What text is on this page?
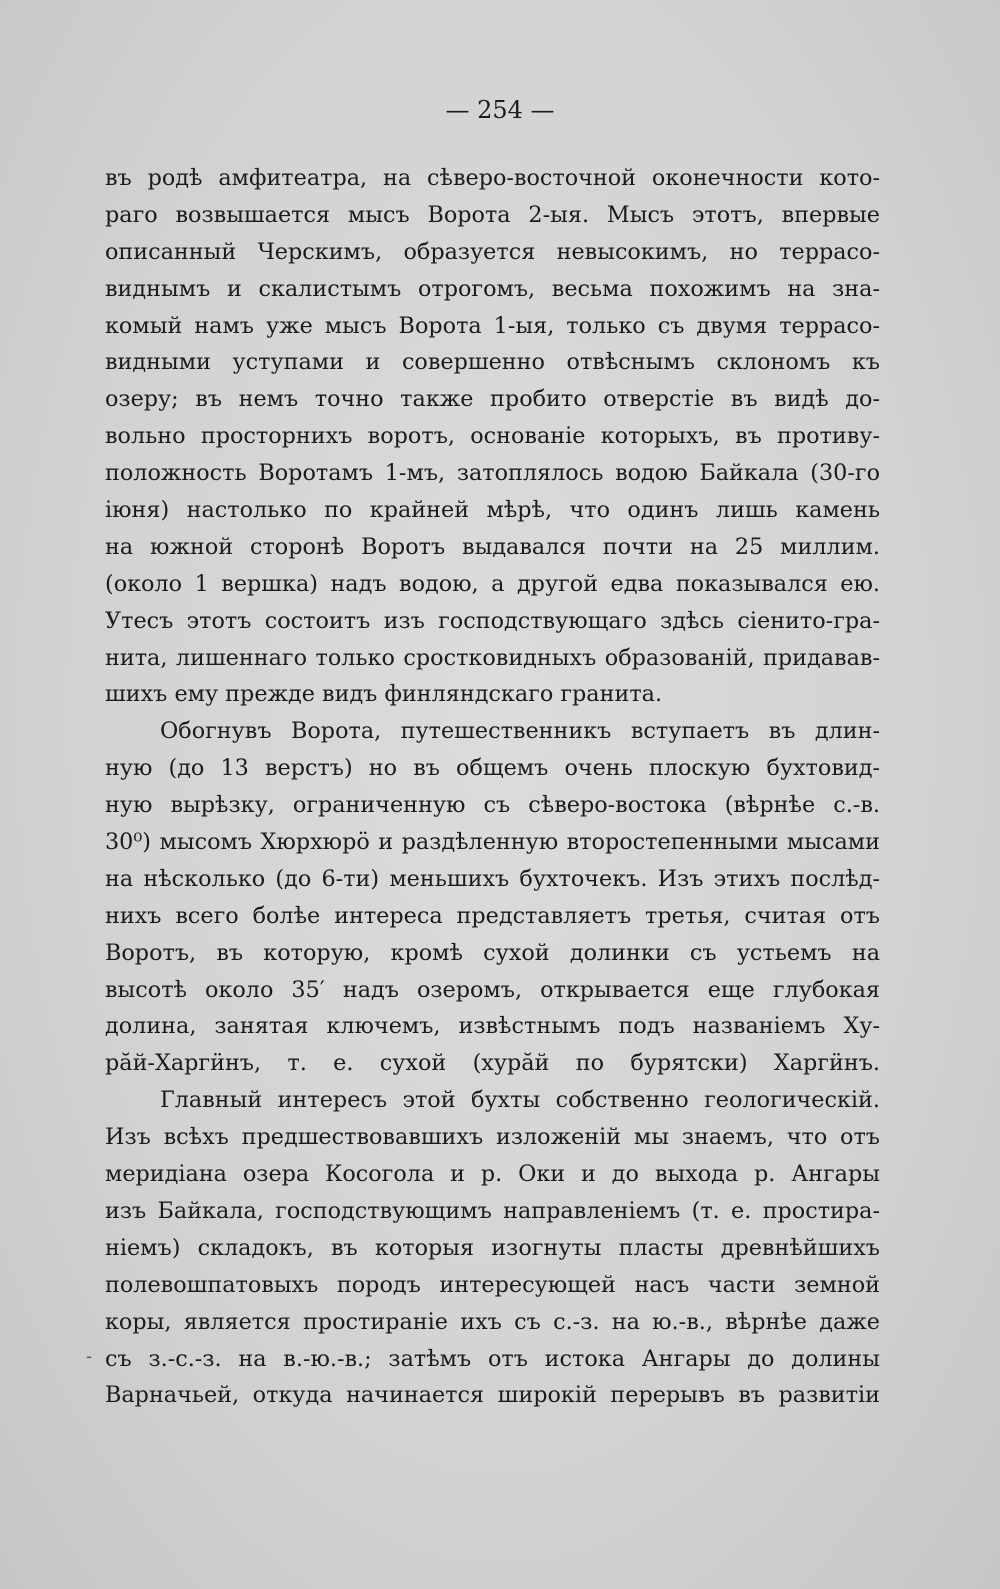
— 254 —
въ родѣ амфитеатра, на сѣверо-восточной оконечности кото-
раго возвышается мысъ Ворота 2-ыя. Мысъ этотъ, впервые
описанный Черскимъ, образуется невысокимъ, но террасо-
виднымъ и скалистымъ отрогомъ, весьма похожимъ на зна-
комый намъ уже мысъ Ворота 1-ыя, только съ двумя террасо-
видными уступами и совершенно отвѣснымъ склономъ къ
озеру; въ немъ точно также пробито отверстіе въ видѣ до-
вольно просторнихъ воротъ, основаніе которыхъ, въ противу-
положность Воротамъ 1-мъ, затоплялось водою Байкала (30-го
іюня) настолько по крайней мѣрѣ, что одинъ лишь камень
на южной сторонѣ Воротъ выдавался почти на 25 миллим.
(около 1 вершка) надъ водою, а другой едва показывался ею.
Утесъ этотъ состоитъ изъ господствующаго здѣсь сіенито-гра-
нита, лишеннаго только сростковидныхъ образованій, придавав-
шихъ ему прежде видъ финляндскаго гранита.
Обогнувъ Ворота, путешественникъ вступаетъ въ длин-
ную (до 13 верстъ) но въ общемъ очень плоскую бухтовид-
ную вырѣзку, ограниченную съ сѣверо-востока (вѣрнѣе с.-в.
30⁰) мысомъ Хюрхюрö и раздѣленную второстепенными мысами
на нѣсколько (до 6-ти) меньшихъ бухточекъ. Изъ этихъ послѣд-
нихъ всего болѣе интереса представляетъ третья, считая отъ
Воротъ, въ которую, кромѣ сухой долинки съ устьемъ на
высотѣ около 35′ надъ озеромъ, открывается еще глубокая
долина, занятая ключемъ, извѣстнымъ подъ названіемъ Ху-
рӑй-Харгӥнъ, т. е. сухой (хурӑй по бурятски) Харгӥнъ.
Главный интересъ этой бухты собственно геологическій.
Изъ всѣхъ предшествовавшихъ изложеній мы знаемъ, что отъ
меридіана озера Косогола и р. Оки и до выхода р. Ангары
изъ Байкала, господствующимъ направленіемъ (т. е. простира-
ніемъ) складокъ, въ которыя изогнуты пласты древнѣйшихъ
полевошпатовыхъ породъ интересующей насъ части земной
коры, является простираніе ихъ съ с.-з. на ю.-в., вѣрнѣе даже
съ з.-с.-з. на в.-ю.-в.; затѣмъ отъ истока Ангары до долины
Варначьей, откуда начинается широкій перерывъ въ развитіи
-
